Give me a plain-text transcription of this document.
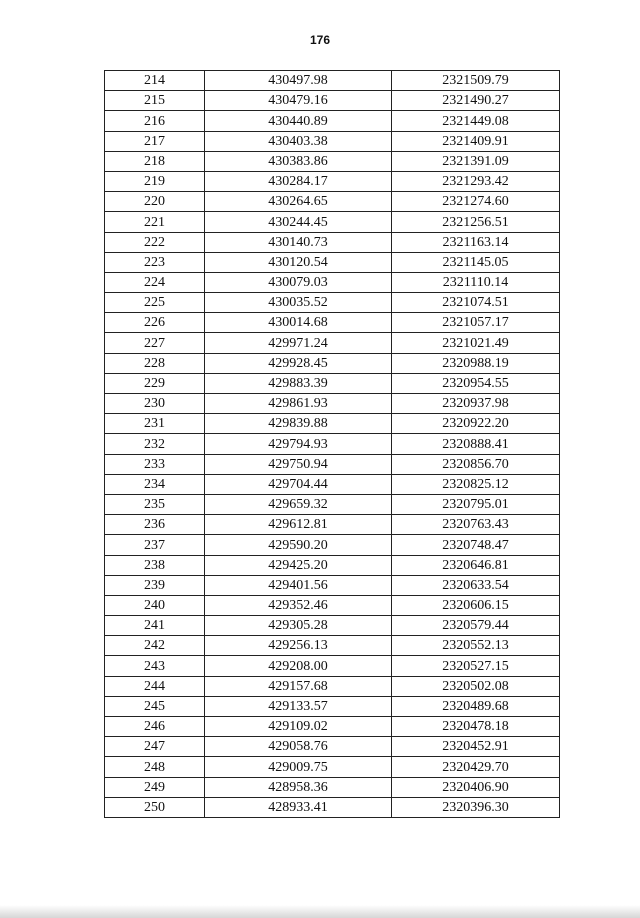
176
214	430497.98	2321509.79
215	430479.16	2321490.27
216	430440.89	2321449.08
217	430403.38	2321409.91
218	430383.86	2321391.09
219	430284.17	2321293.42
220	430264.65	2321274.60
221	430244.45	2321256.51
222	430140.73	2321163.14
223	430120.54	2321145.05
224	430079.03	2321110.14
225	430035.52	2321074.51
226	430014.68	2321057.17
227	429971.24	2321021.49
228	429928.45	2320988.19
229	429883.39	2320954.55
230	429861.93	2320937.98
231	429839.88	2320922.20
232	429794.93	2320888.41
233	429750.94	2320856.70
234	429704.44	2320825.12
235	429659.32	2320795.01
236	429612.81	2320763.43
237	429590.20	2320748.47
238	429425.20	2320646.81
239	429401.56	2320633.54
240	429352.46	2320606.15
241	429305.28	2320579.44
242	429256.13	2320552.13
243	429208.00	2320527.15
244	429157.68	2320502.08
245	429133.57	2320489.68
246	429109.02	2320478.18
247	429058.76	2320452.91
248	429009.75	2320429.70
249	428958.36	2320406.90
250	428933.41	2320396.30
